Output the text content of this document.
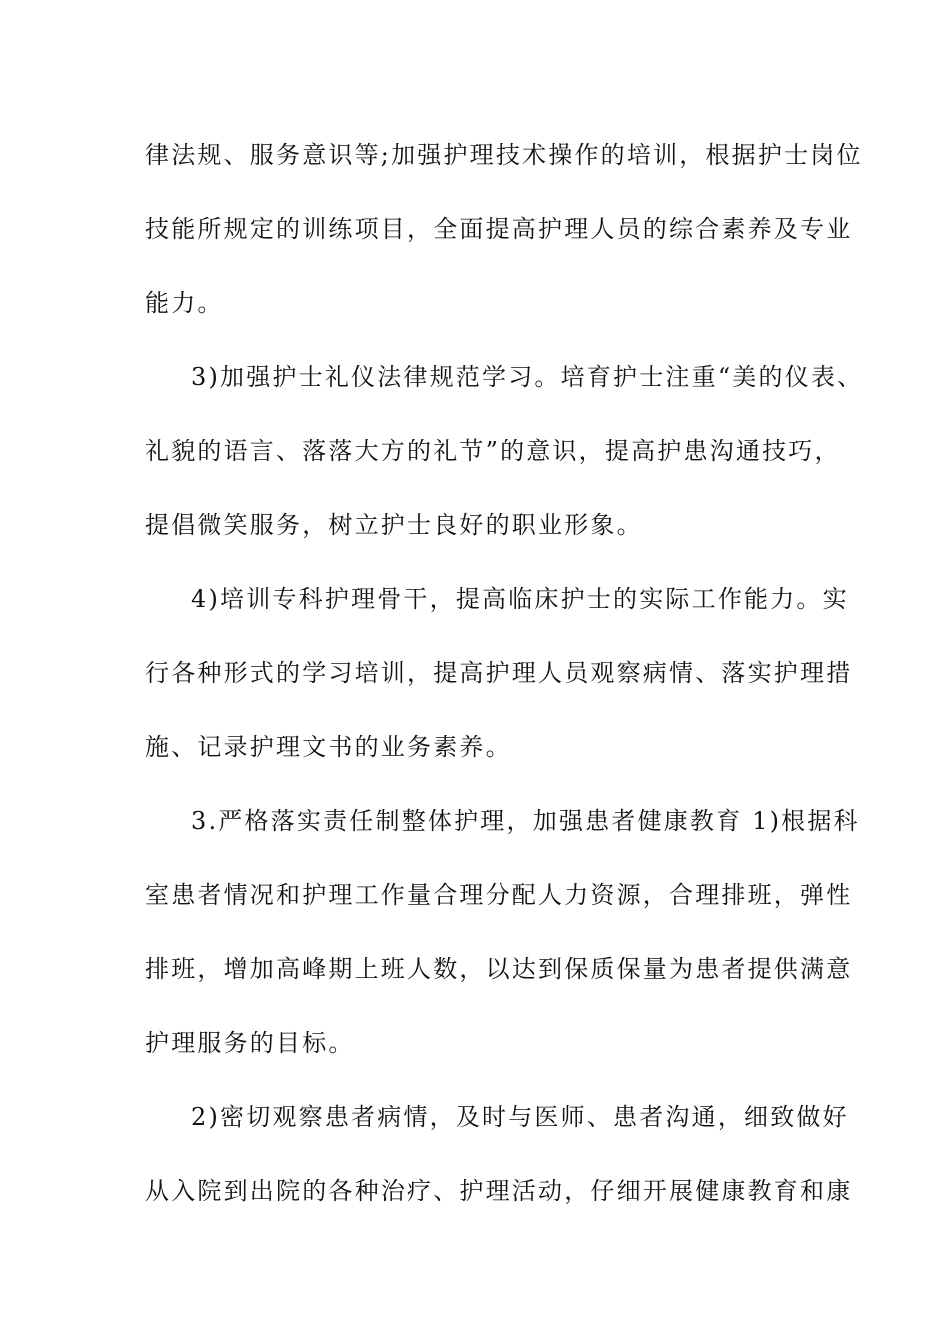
律法规、服务意识等;加强护理技术操作的培训，根据护士岗位
技能所规定的训练项目，全面提高护理人员的综合素养及专业
能力。
3)加强护士礼仪法律规范学习。培育护士注重“美的仪表、
礼貌的语言、落落大方的礼节”的意识，提高护患沟通技巧，
提倡微笑服务，树立护士良好的职业形象。
4)培训专科护理骨干，提高临床护士的实际工作能力。实
行各种形式的学习培训，提高护理人员观察病情、落实护理措
施、记录护理文书的业务素养。
3.严格落实责任制整体护理，加强患者健康教育 1)根据科
室患者情况和护理工作量合理分配人力资源，合理排班，弹性
排班，增加高峰期上班人数，以达到保质保量为患者提供满意
护理服务的目标。
2)密切观察患者病情，及时与医师、患者沟通，细致做好
从入院到出院的各种治疗、护理活动，仔细开展健康教育和康
